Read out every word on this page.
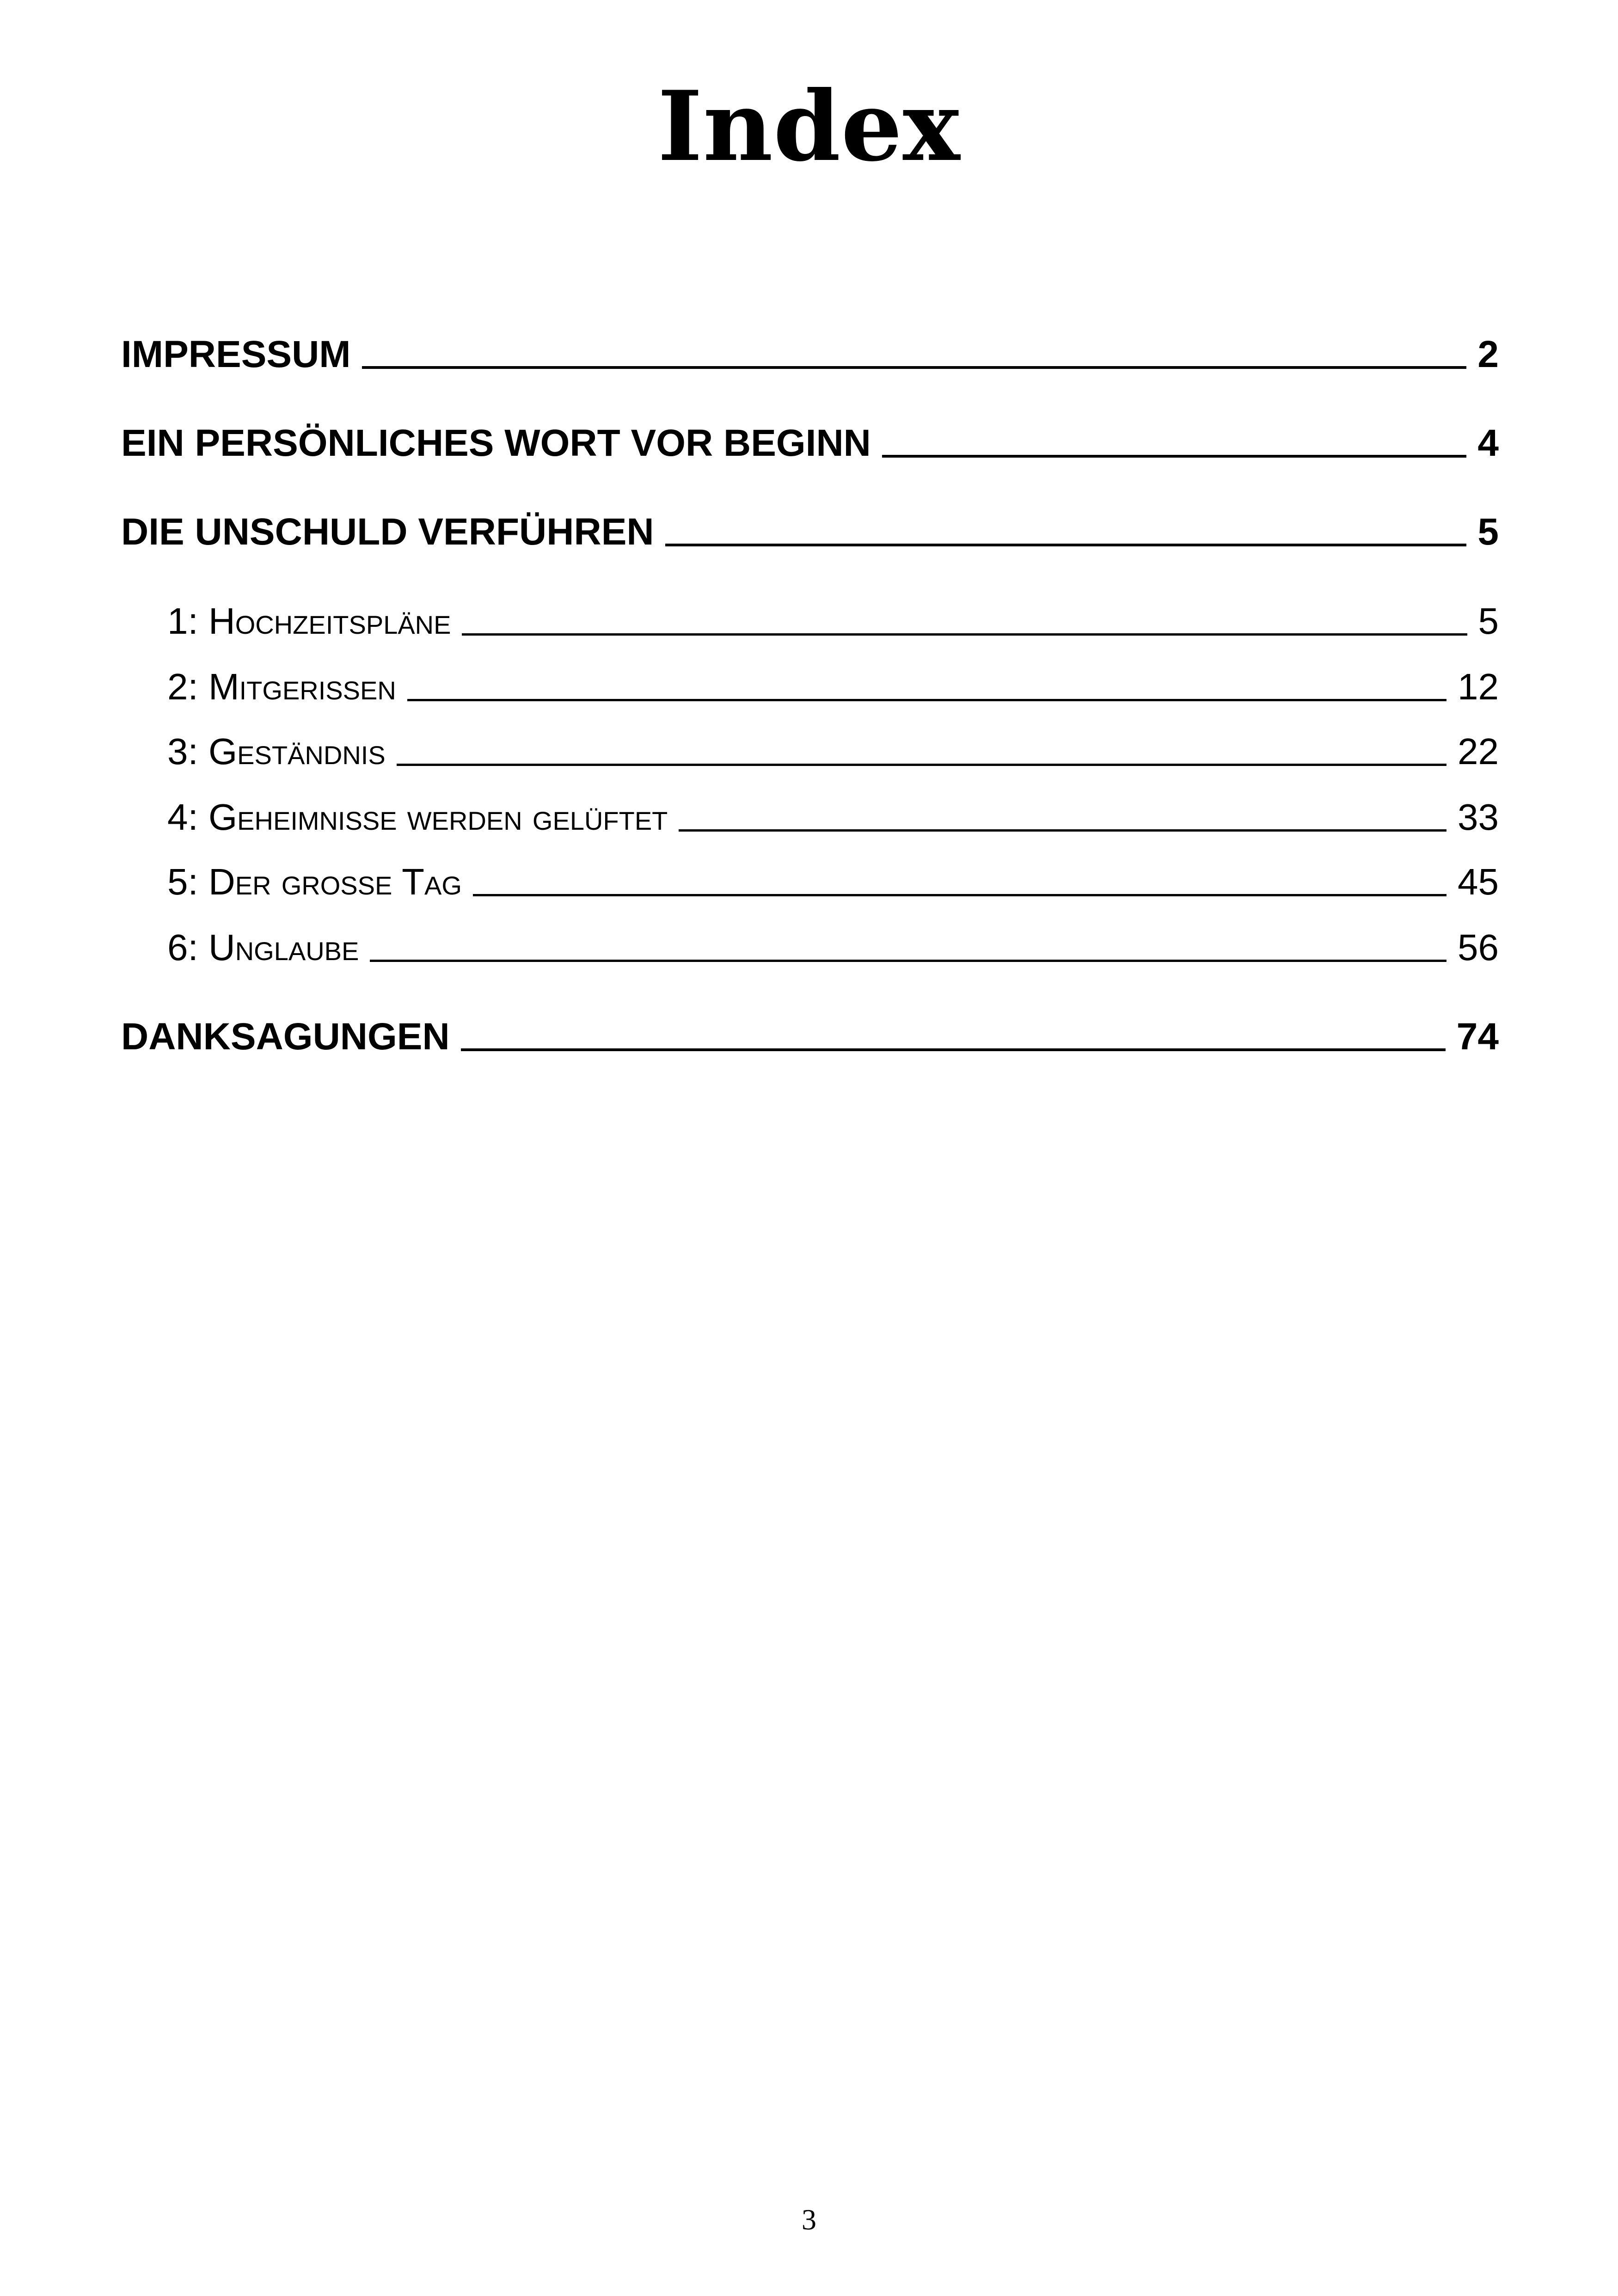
Index
IMPRESSUM	2
EIN PERSÖNLICHES WORT VOR BEGINN	4
DIE UNSCHULD VERFÜHREN	5
1: Hochzeitspläne	5
2: Mitgerissen	12
3: Geständnis	22
4: Geheimnisse werden gelüftet	33
5: Der große Tag	45
6: Unglaube	56
DANKSAGUNGEN	74
3
